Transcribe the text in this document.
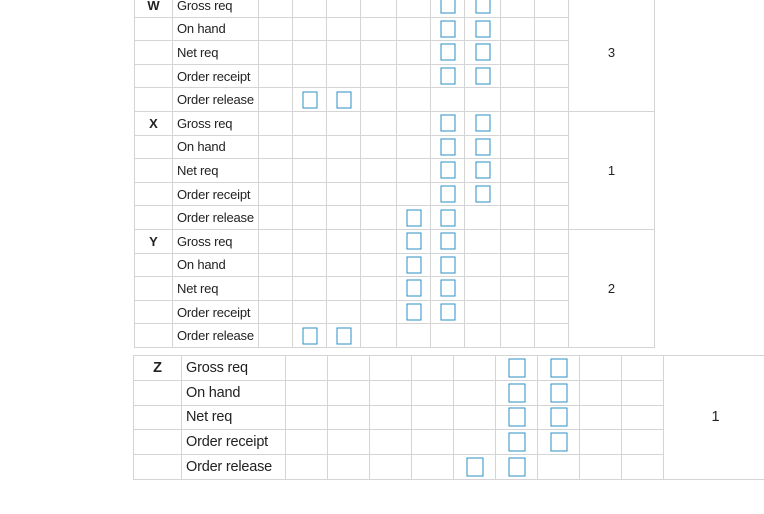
W	Gross req										3
	On hand							

	Net req							

	Order receipt							

	Order release			

X	Gross req										1
	On hand							

	Net req							

	Order receipt							

	Order release						

Y	Gross req										2
	On hand						

	Net req						

	Order receipt						

	Order release			

Z	Gross req										1
	On hand							

	Net req							

	Order receipt							

	Order release						
